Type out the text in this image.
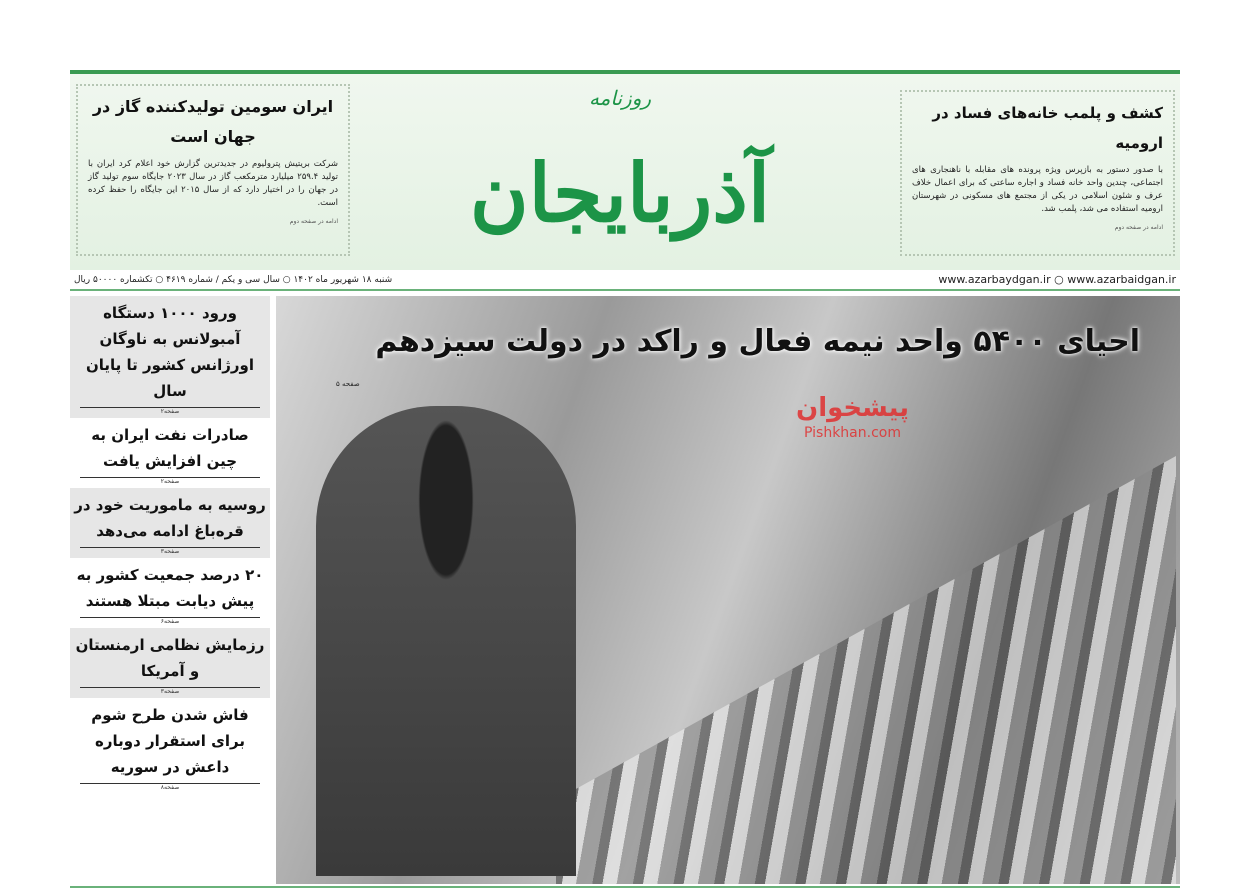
ایران سومین تولیدکننده گاز در جهان است

شرکت بریتیش پترولیوم در جدیدترین گزارش خود اعلام کرد ایران با تولید ۲۵۹.۴ میلیارد مترمکعب گاز در سال ۲۰۲۳ جایگاه سوم تولید گاز در جهان را در اختیار دارد که از سال ۲۰۱۵ این جایگاه را حفظ کرده است.

ادامه در صفحه دوم
روزنامه
آذربایجان
کشف و پلمب خانه‌های فساد در ارومیه

با صدور دستور به بازپرس ویژه پرونده های مقابله با ناهنجاری های اجتماعی، چندین واحد خانه فساد و اجاره ساعتی که برای اعمال خلاف عرف و شئون اسلامی در یکی از مجتمع های مسکونی در شهرستان ارومیه استفاده می شد، پلمب شد.

ادامه در صفحه دوم
شنبه ۱۸ شهریور ماه ۱۴۰۲ ○ سال سی و یکم / شماره ۴۶۱۹ ○ تکشماره ۵۰۰۰۰ ریال	www.azarbaydgan.ir ○ www.azarbaidgan.ir
ورود ۱۰۰۰ دستگاه آمبولانس به ناوگان اورژانس کشور تا پایان سال
صفحه۲
صادرات نفت ایران به چین افزایش یافت
صفحه۲
روسیه به ماموریت خود در قره‌باغ ادامه می‌دهد
صفحه۳
۲۰ درصد جمعیت کشور به پیش دیابت مبتلا هستند
صفحه۶
رزمایش نظامی ارمنستان و آمریکا
صفحه۳
فاش شدن طرح شوم برای استقرار دوباره داعش در سوریه
صفحه۸
احیای ۵۴۰۰ واحد نیمه فعال و راکد در دولت سیزدهم
صفحه ۵
پیشخوان
Pishkhan.com
